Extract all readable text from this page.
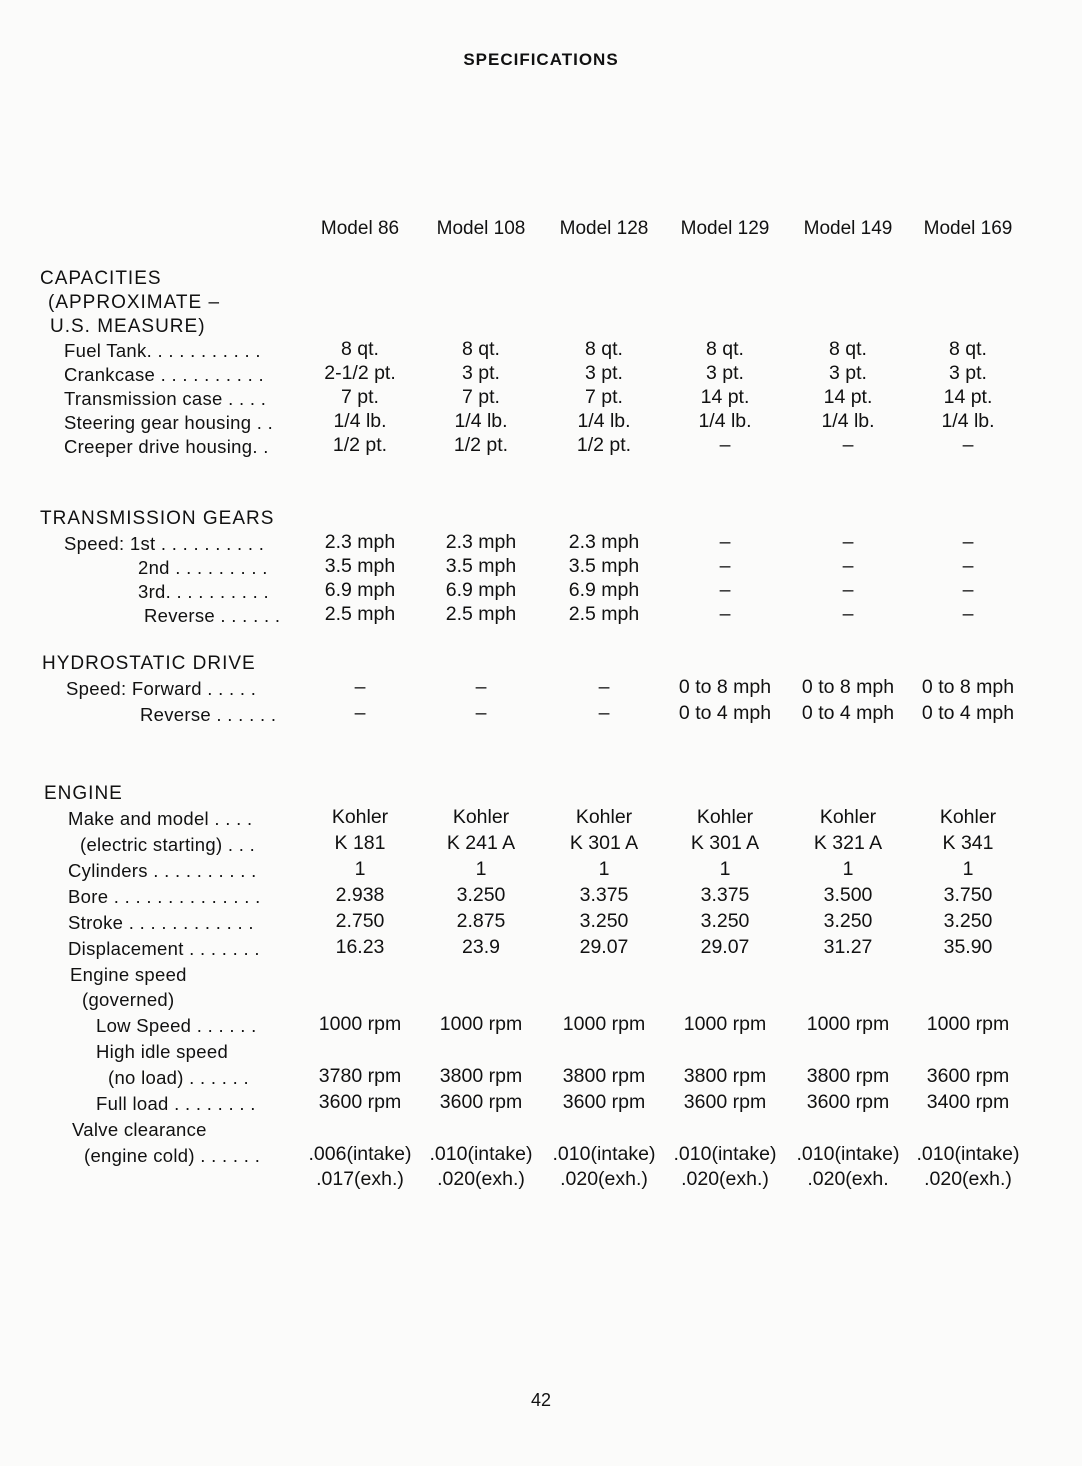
SPECIFICATIONS
Model 86 Model 108 Model 128 Model 129 Model 149 Model 169
CAPACITIES
(APPROXIMATE –
U.S. MEASURE)
Fuel Tank. . . . . . . . . . .	8 qt.	8 qt.	8 qt.	8 qt.	8 qt.	8 qt.
Crankcase . . . . . . . . . .	2-1/2 pt.	3 pt.	3 pt.	3 pt.	3 pt.	3 pt.
Transmission case . . . .	7 pt.	7 pt.	7 pt.	14 pt.	14 pt.	14 pt.
Steering gear housing . .	1/4 lb.	1/4 lb.	1/4 lb.	1/4 lb.	1/4 lb.	1/4 lb.
Creeper drive housing. .	1/2 pt.	1/2 pt.	1/2 pt.	–	–	–
TRANSMISSION GEARS
Speed: 1st . . . . . . . . . .	2.3 mph	2.3 mph	2.3 mph	–	–	–
2nd . . . . . . . . .	3.5 mph	3.5 mph	3.5 mph	–	–	–
3rd. . . . . . . . . .	6.9 mph	6.9 mph	6.9 mph	–	–	–
Reverse . . . . . . 2.5 mph	2.5 mph	2.5 mph	–	–	–
HYDROSTATIC DRIVE
Speed: Forward . . . . .	–	–	–	0 to 8 mph 0 to 8 mph 0 to 8 mph
Reverse . . . . . .	–	–	–	0 to 4 mph 0 to 4 mph 0 to 4 mph
ENGINE
Make and model . . . .	Kohler	Kohler	Kohler	Kohler	Kohler	Kohler
(electric starting) . . .	K 181	K 241 A	K 301 A	K 301 A	K 321 A	K 341
Cylinders . . . . . . . . . .	1	1	1	1	1	1
Bore . . . . . . . . . . . . . .	2.938	3.250	3.375	3.375	3.500	3.750
Stroke . . . . . . . . . . . .	2.750	2.875	3.250	3.250	3.250	3.250
Displacement . . . . . . .	16.23	23.9	29.07	29.07	31.27	35.90
Engine speed
(governed)
Low Speed . . . . . .	1000 rpm 1000 rpm 1000 rpm 1000 rpm 1000 rpm 1000 rpm
High idle speed
(no load) . . . . . .	3780 rpm 3800 rpm 3800 rpm 3800 rpm 3800 rpm 3600 rpm
Full load . . . . . . . .	3600 rpm 3600 rpm 3600 rpm 3600 rpm 3600 rpm 3400 rpm
Valve clearance
(engine cold) . . . . . . .006(intake) .010(intake) .010(intake) .010(intake) .010(intake) .010(intake)
.017(exh.) .020(exh.) .020(exh.) .020(exh.) .020(exh. .020(exh.)
42
